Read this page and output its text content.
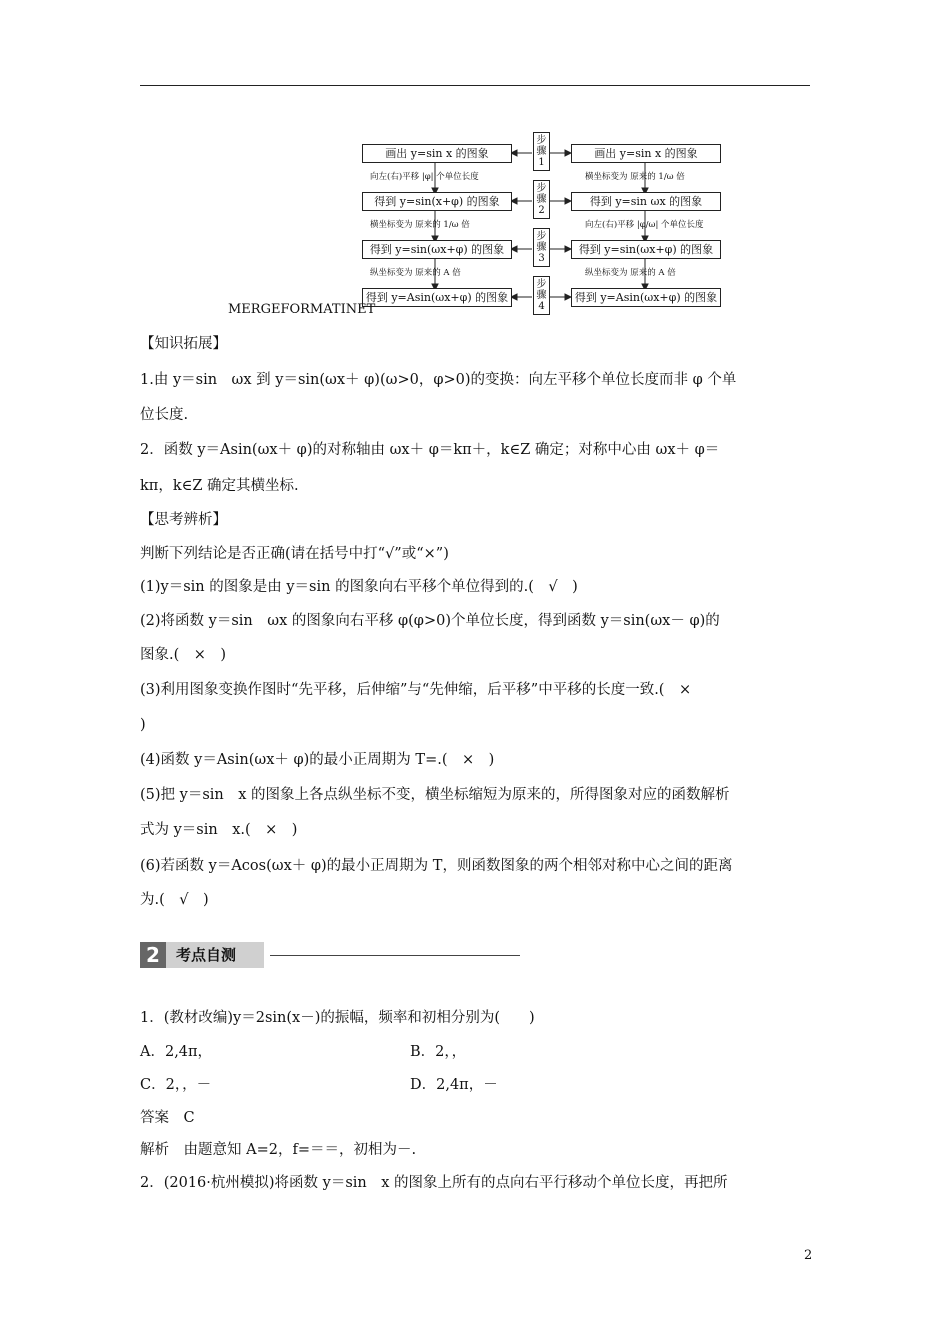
画出 y=sin x 的图象
得到 y=sin(x+φ) 的图象
得到 y=sin(ωx+φ) 的图象
得到 y=Asin(ωx+φ) 的图象
画出 y=sin x 的图象
得到 y=sin ωx 的图象
得到 y=sin(ωx+φ) 的图象
得到 y=Asin(ωx+φ) 的图象
向左(右)平移 |φ| 个单位长度
横坐标变为 原来的 1/ω 倍
纵坐标变为 原来的 A 倍
横坐标变为 原来的 1/ω 倍
向左(右)平移 |φ/ω| 个单位长度
纵坐标变为 原来的 A 倍
步骤1
步骤2
步骤3
步骤4
MERGEFORMATINET
【知识拓展】
1.由 y＝sin　ωx 到 y＝sin(ωx＋ φ)(ω>0，φ>0)的变换：向左平移个单位长度而非 φ 个单
位长度.
2．函数 y＝Asin(ωx＋ φ)的对称轴由 ωx＋ φ＝kπ＋，k∈Z 确定；对称中心由 ωx＋ φ＝
kπ，k∈Z 确定其横坐标.
【思考辨析】
判断下列结论是否正确(请在括号中打“√”或“×”)
(1)y＝sin 的图象是由 y＝sin 的图象向右平移个单位得到的.(　√　)
(2)将函数 y＝sin　ωx 的图象向右平移 φ(φ>0)个单位长度，得到函数 y＝sin(ωx－ φ)的
图象.(　×　)
(3)利用图象变换作图时“先平移，后伸缩”与“先伸缩，后平移”中平移的长度一致.(　×
)
(4)函数 y＝Asin(ωx＋ φ)的最小正周期为 T=.(　×　)
(5)把 y＝sin　x 的图象上各点纵坐标不变，横坐标缩短为原来的，所得图象对应的函数解析
式为 y＝sin　x.(　×　)
(6)若函数 y＝Acos(ωx＋ φ)的最小正周期为 T，则函数图象的两个相邻对称中心之间的距离
为.(　√　)
2	考点自测
1．(教材改编)y＝2sin(x－)的振幅，频率和初相分别为(　　)
A．2,4π，	B．2，，
C．2，，－	D．2,4π，－
答案　C
解析　由题意知 A=2，f=＝＝，初相为－.
2．(2016·杭州模拟)将函数 y＝sin　x 的图象上所有的点向右平行移动个单位长度，再把所
2
